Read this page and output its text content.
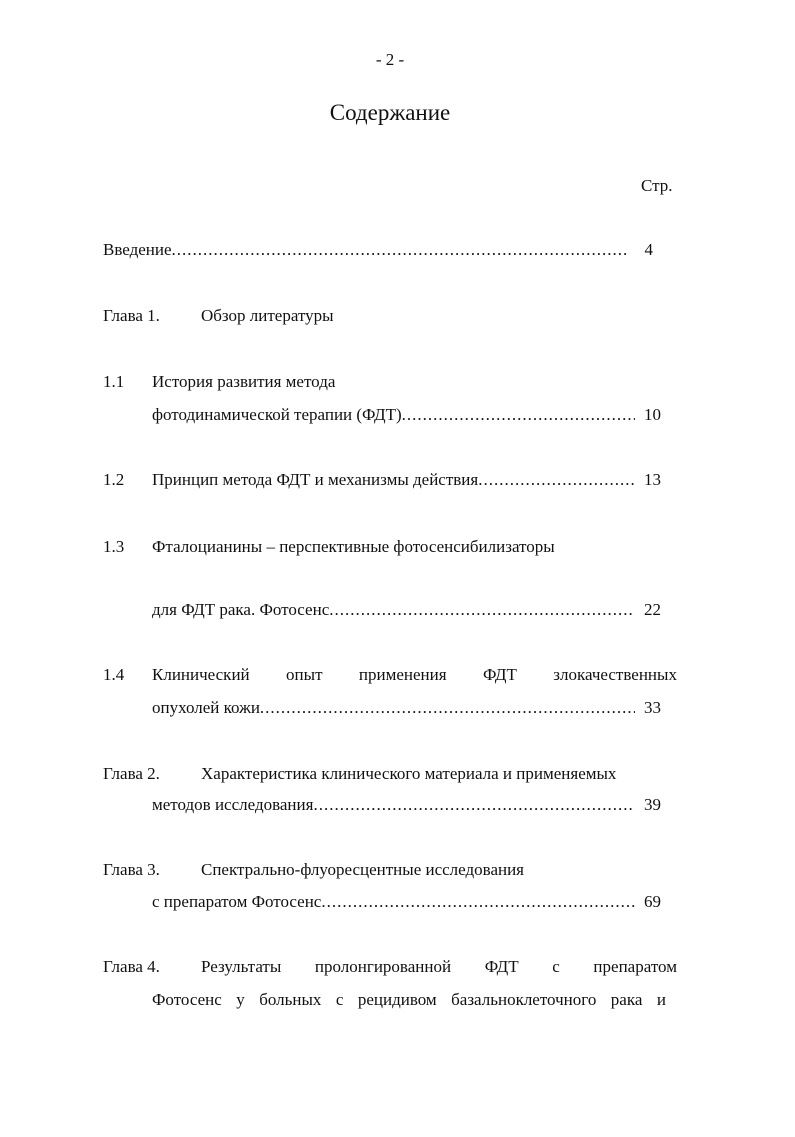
- 2 -
Содержание
Стр.
Введение .....	4
Глава 1. Обзор литературы
1.1 История развития метода
фотодинамической терапии (ФДТ) .....	10
1.2 Принцип метода ФДТ и механизмы действия .....	13
1.3 Фталоцианины – перспективные фотосенсибилизаторы
для ФДТ рака. Фотосенс .....	22
1.4 Клинический опыт применения ФДТ злокачественных
опухолей кожи .....	33
Глава 2. Характеристика клинического материала и применяемых
методов исследования .....	39
Глава 3. Спектрально-флуоресцентные исследования
с препаратом Фотосенс .....	69
Глава 4. Результаты пролонгированной ФДТ с препаратом
Фотосенс у больных с рецидивом базальноклеточного рака и
